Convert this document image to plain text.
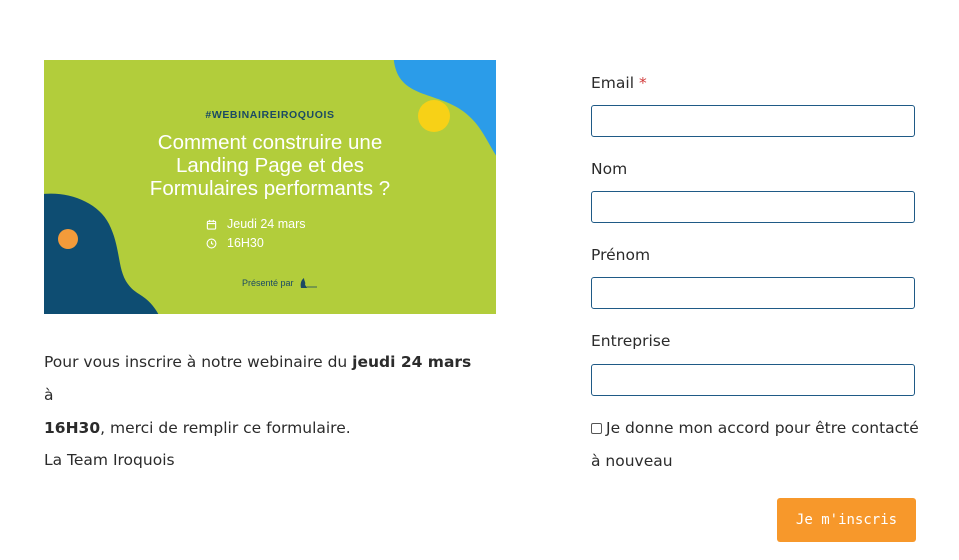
#WEBINAIREIROQUOIS
Comment construire une
Landing Page et des
Formulaires performants ?
Jeudi 24 mars
16H30
Présenté par
Pour vous inscrire à notre webinaire du jeudi 24 mars à
16H30, merci de remplir ce formulaire.
La Team Iroquois
Email *
Nom
Prénom
Entreprise
Je donne mon accord pour être contacté à nouveau
Je m'inscris
